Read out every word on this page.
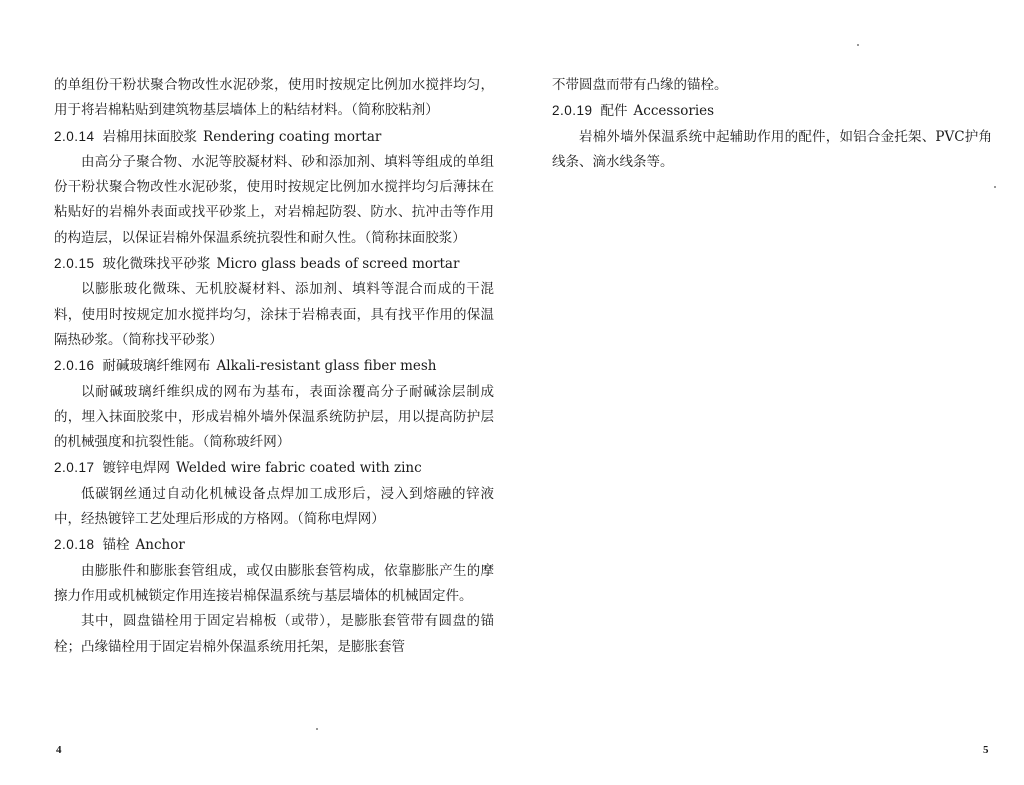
的单组份干粉状聚合物改性水泥砂浆，使用时按规定比例加水搅拌均匀，用于将岩棉粘贴到建筑物基层墙体上的粘结材料。（简称胶粘剂）

2.0.14 岩棉用抹面胶浆 Rendering coating mortar

由高分子聚合物、水泥等胶凝材料、砂和添加剂、填料等组成的单组份干粉状聚合物改性水泥砂浆，使用时按规定比例加水搅拌均匀后薄抹在粘贴好的岩棉外表面或找平砂浆上，对岩棉起防裂、防水、抗冲击等作用的构造层，以保证岩棉外保温系统抗裂性和耐久性。（简称抹面胶浆）

2.0.15 玻化微珠找平砂浆 Micro glass beads of screed mortar

以膨胀玻化微珠、无机胶凝材料、添加剂、填料等混合而成的干混料，使用时按规定加水搅拌均匀，涂抹于岩棉表面，具有找平作用的保温隔热砂浆。（简称找平砂浆）

2.0.16 耐碱玻璃纤维网布 Alkali-resistant glass fiber mesh

以耐碱玻璃纤维织成的网布为基布，表面涂覆高分子耐碱涂层制成的，埋入抹面胶浆中，形成岩棉外墙外保温系统防护层，用以提高防护层的机械强度和抗裂性能。（简称玻纤网）

2.0.17 镀锌电焊网 Welded wire fabric coated with zinc

低碳钢丝通过自动化机械设备点焊加工成形后，浸入到熔融的锌液中，经热镀锌工艺处理后形成的方格网。（简称电焊网）

2.0.18 锚栓 Anchor

由膨胀件和膨胀套管组成，或仅由膨胀套管构成，依靠膨胀产生的摩擦力作用或机械锁定作用连接岩棉保温系统与基层墙体的机械固定件。

其中，圆盘锚栓用于固定岩棉板（或带），是膨胀套管带有圆盘的锚栓；凸缘锚栓用于固定岩棉外保温系统用托架，是膨胀套管

4

不带圆盘而带有凸缘的锚栓。

2.0.19 配件 Accessories

岩棉外墙外保温系统中起辅助作用的配件，如铝合金托架、PVC护角线条、滴水线条等。

5
